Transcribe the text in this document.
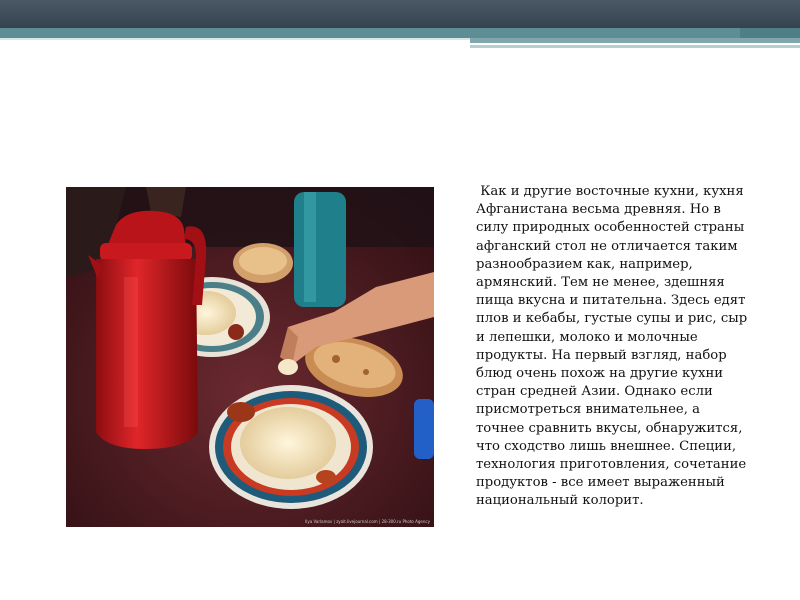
Ilya Varlamov | zyalt.livejournal.com | 28-300.ru Photo Agency

Как и другие восточные кухни, кухня
Афганистана весьма древняя. Но в
силу природных особенностей страны
афганский стол не отличается таким
разнообразием как, например,
армянский. Тем не менее, здешняя
пища вкусна и питательна. Здесь едят
плов и кебабы, густые супы и рис, сыр
и лепешки, молоко и молочные
продукты. На первый взгляд, набор
блюд очень похож на другие кухни
стран средней Азии. Однако если
присмотреться внимательнее, а
точнее сравнить вкусы, обнаружится,
что сходство лишь внешнее. Специи,
технология приготовления, сочетание
продуктов - все имеет выраженный
национальный колорит.
